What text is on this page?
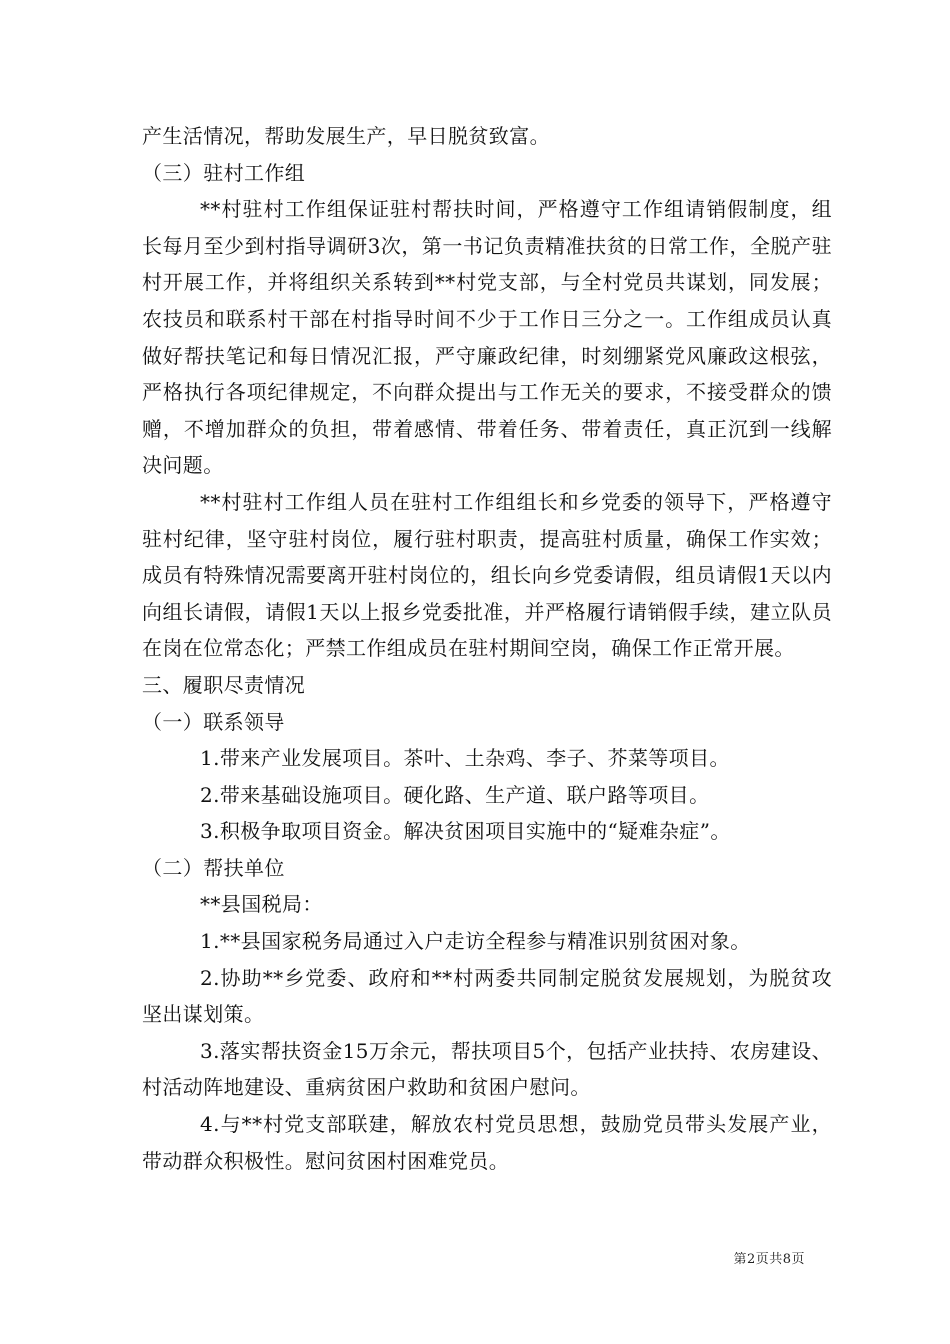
产生活情况，帮助发展生产，早日脱贫致富。

（三）驻村工作组

**村驻村工作组保证驻村帮扶时间，严格遵守工作组请销假制度，组长每月至少到村指导调研3次，第一书记负责精准扶贫的日常工作，全脱产驻村开展工作，并将组织关系转到**村党支部，与全村党员共谋划，同发展；农技员和联系村干部在村指导时间不少于工作日三分之一。工作组成员认真做好帮扶笔记和每日情况汇报，严守廉政纪律，时刻绷紧党风廉政这根弦，严格执行各项纪律规定，不向群众提出与工作无关的要求，不接受群众的馈赠，不增加群众的负担，带着感情、带着任务、带着责任，真正沉到一线解决问题。

**村驻村工作组人员在驻村工作组组长和乡党委的领导下，严格遵守驻村纪律，坚守驻村岗位，履行驻村职责，提高驻村质量，确保工作实效；成员有特殊情况需要离开驻村岗位的，组长向乡党委请假，组员请假1天以内向组长请假，请假1天以上报乡党委批准，并严格履行请销假手续，建立队员在岗在位常态化；严禁工作组成员在驻村期间空岗，确保工作正常开展。

三、履职尽责情况

（一）联系领导

1.带来产业发展项目。茶叶、土杂鸡、李子、芥菜等项目。

2.带来基础设施项目。硬化路、生产道、联户路等项目。

3.积极争取项目资金。解决贫困项目实施中的“疑难杂症”。

（二）帮扶单位

**县国税局：

1.**县国家税务局通过入户走访全程参与精准识别贫困对象。

2.协助**乡党委、政府和**村两委共同制定脱贫发展规划，为脱贫攻坚出谋划策。

3.落实帮扶资金15万余元，帮扶项目5个，包括产业扶持、农房建设、村活动阵地建设、重病贫困户救助和贫困户慰问。

4.与**村党支部联建，解放农村党员思想，鼓励党员带头发展产业，带动群众积极性。慰问贫困村困难党员。

第2页共8页
